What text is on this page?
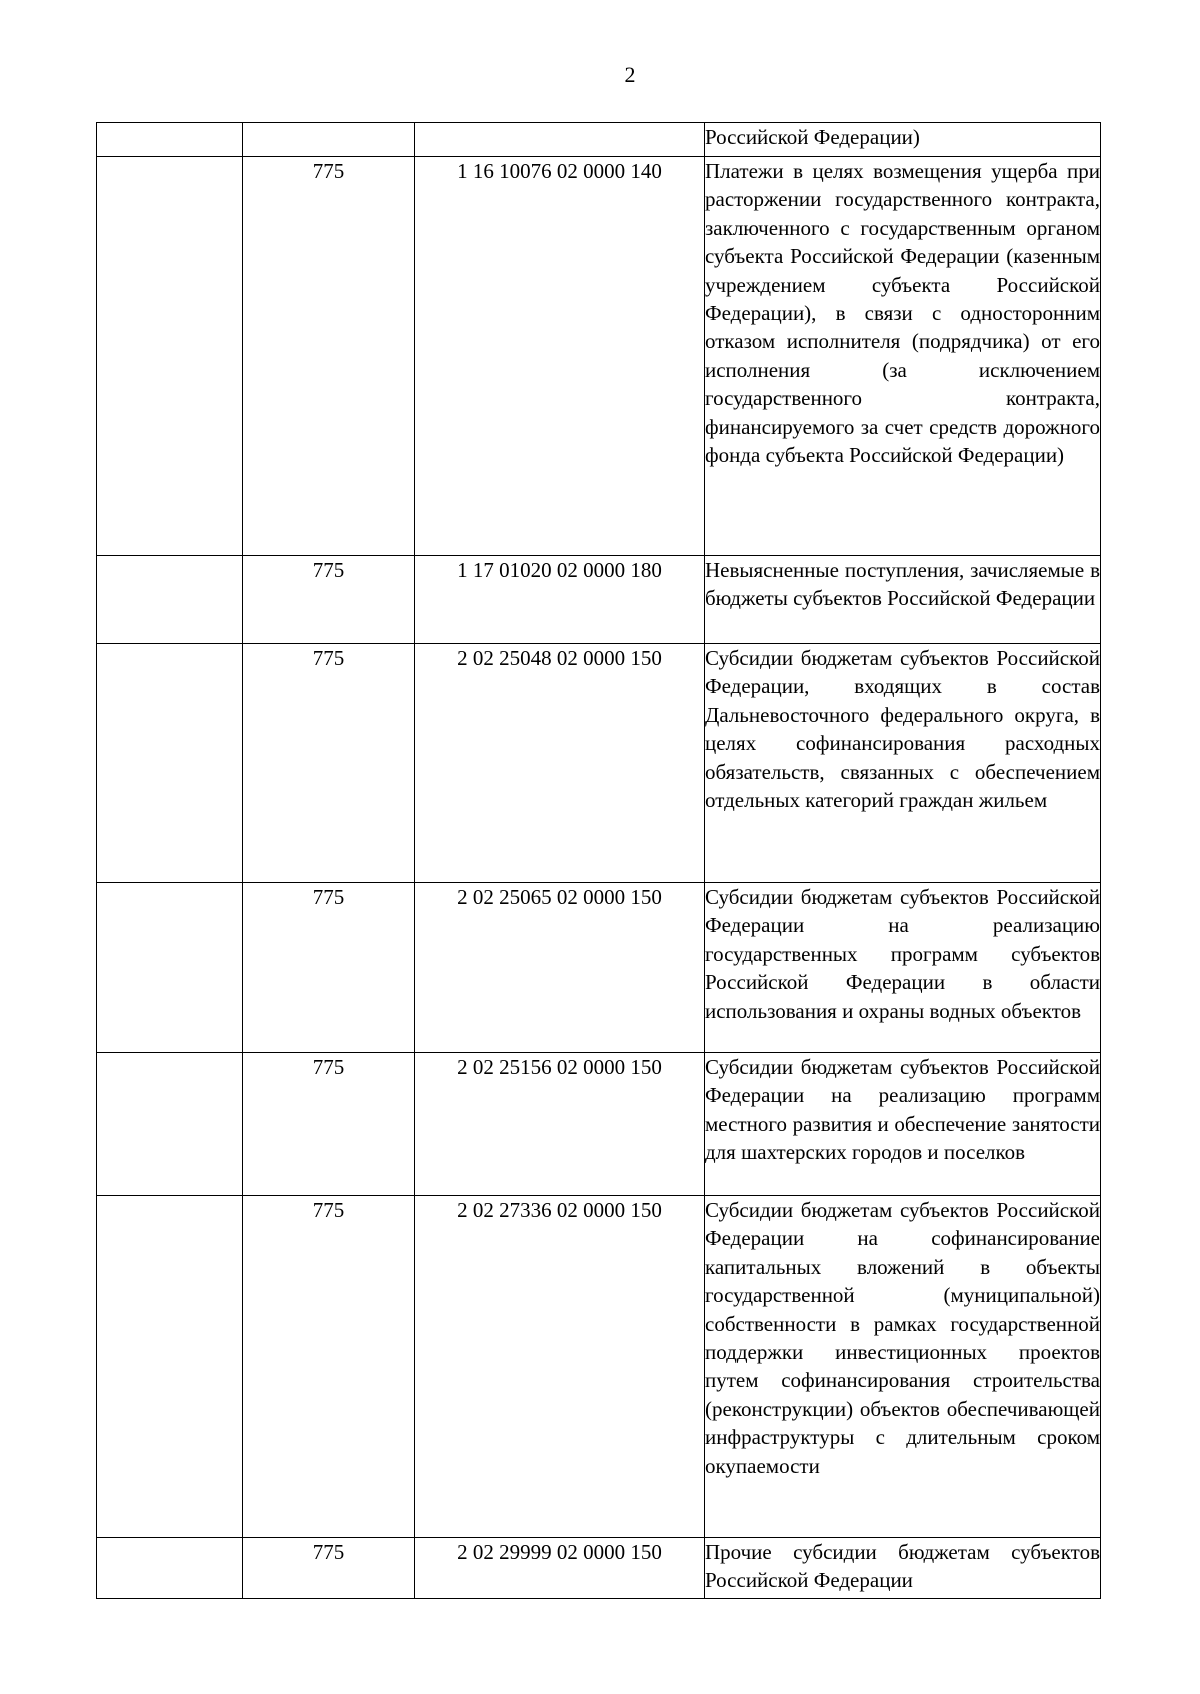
2
			Российской Федерации)
	775	1 16 10076 02 0000 140	Платежи в целях возмещения ущерба при расторжении государственного контракта, заключенного с государственным органом субъекта Российской Федерации (казенным учреждением субъекта Российской Федерации), в связи с односторонним отказом исполнителя (подрядчика) от его исполнения (за исключением государственного контракта, финансируемого за счет средств дорожного фонда субъекта Российской Федерации)
	775	1 17 01020 02 0000 180	Невыясненные поступления, зачисляемые в бюджеты субъектов Российской Федерации
	775	2 02 25048 02 0000 150	Субсидии бюджетам субъектов Российской Федерации, входящих в состав Дальневосточного федерального округа, в целях софинансирования расходных обязательств, связанных с обеспечением отдельных категорий граждан жильем
	775	2 02 25065 02 0000 150	Субсидии бюджетам субъектов Российской Федерации на реализацию государственных программ субъектов Российской Федерации в области использования и охраны водных объектов
	775	2 02 25156 02 0000 150	Субсидии бюджетам субъектов Российской Федерации на реализацию программ местного развития и обеспечение занятости для шахтерских городов и поселков
	775	2 02 27336 02 0000 150	Субсидии бюджетам субъектов Российской Федерации на софинансирование капитальных вложений в объекты государственной (муниципальной) собственности в рамках государственной поддержки инвестиционных проектов путем софинансирования строительства (реконструкции) объектов обеспечивающей инфраструктуры с длительным сроком окупаемости
	775	2 02 29999 02 0000 150	Прочие субсидии бюджетам субъектов Российской Федерации
